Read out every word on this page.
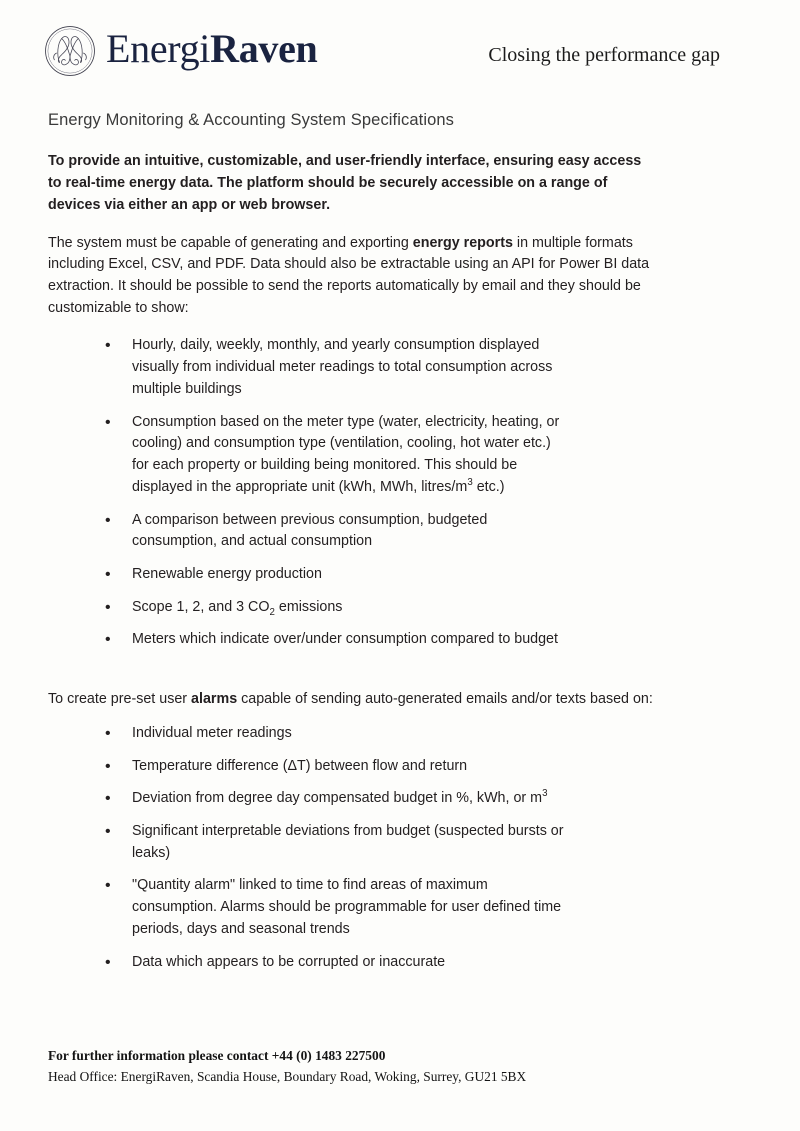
EnergiRaven	Closing the performance gap
Energy Monitoring & Accounting System Specifications

To provide an intuitive, customizable, and user-friendly interface, ensuring easy access to real-time energy data. The platform should be securely accessible on a range of devices via either an app or web browser.

The system must be capable of generating and exporting energy reports in multiple formats including Excel, CSV, and PDF. Data should also be extractable using an API for Power BI data extraction. It should be possible to send the reports automatically by email and they should be customizable to show:

• Hourly, daily, weekly, monthly, and yearly consumption displayed visually from individual meter readings to total consumption across multiple buildings
• Consumption based on the meter type (water, electricity, heating, or cooling) and consumption type (ventilation, cooling, hot water etc.) for each property or building being monitored. This should be displayed in the appropriate unit (kWh, MWh, litres/$m^3$ etc.)
• A comparison between previous consumption, budgeted consumption, and actual consumption
• Renewable energy production
• Scope 1, 2, and 3 $CO_2$ emissions
• Meters which indicate over/under consumption compared to budget

To create pre-set user alarms capable of sending auto-generated emails and/or texts based on:

• Individual meter readings
• Temperature difference (ΔT) between flow and return
• Deviation from degree day compensated budget in %, kWh, or $m^3$
• Significant interpretable deviations from budget (suspected bursts or leaks)
• "Quantity alarm" linked to time to find areas of maximum consumption. Alarms should be programmable for user defined time periods, days and seasonal trends
• Data which appears to be corrupted or inaccurate
For further information please contact +44 (0) 1483 227500
Head Office: EnergiRaven, Scandia House, Boundary Road, Woking, Surrey, GU21 5BX
